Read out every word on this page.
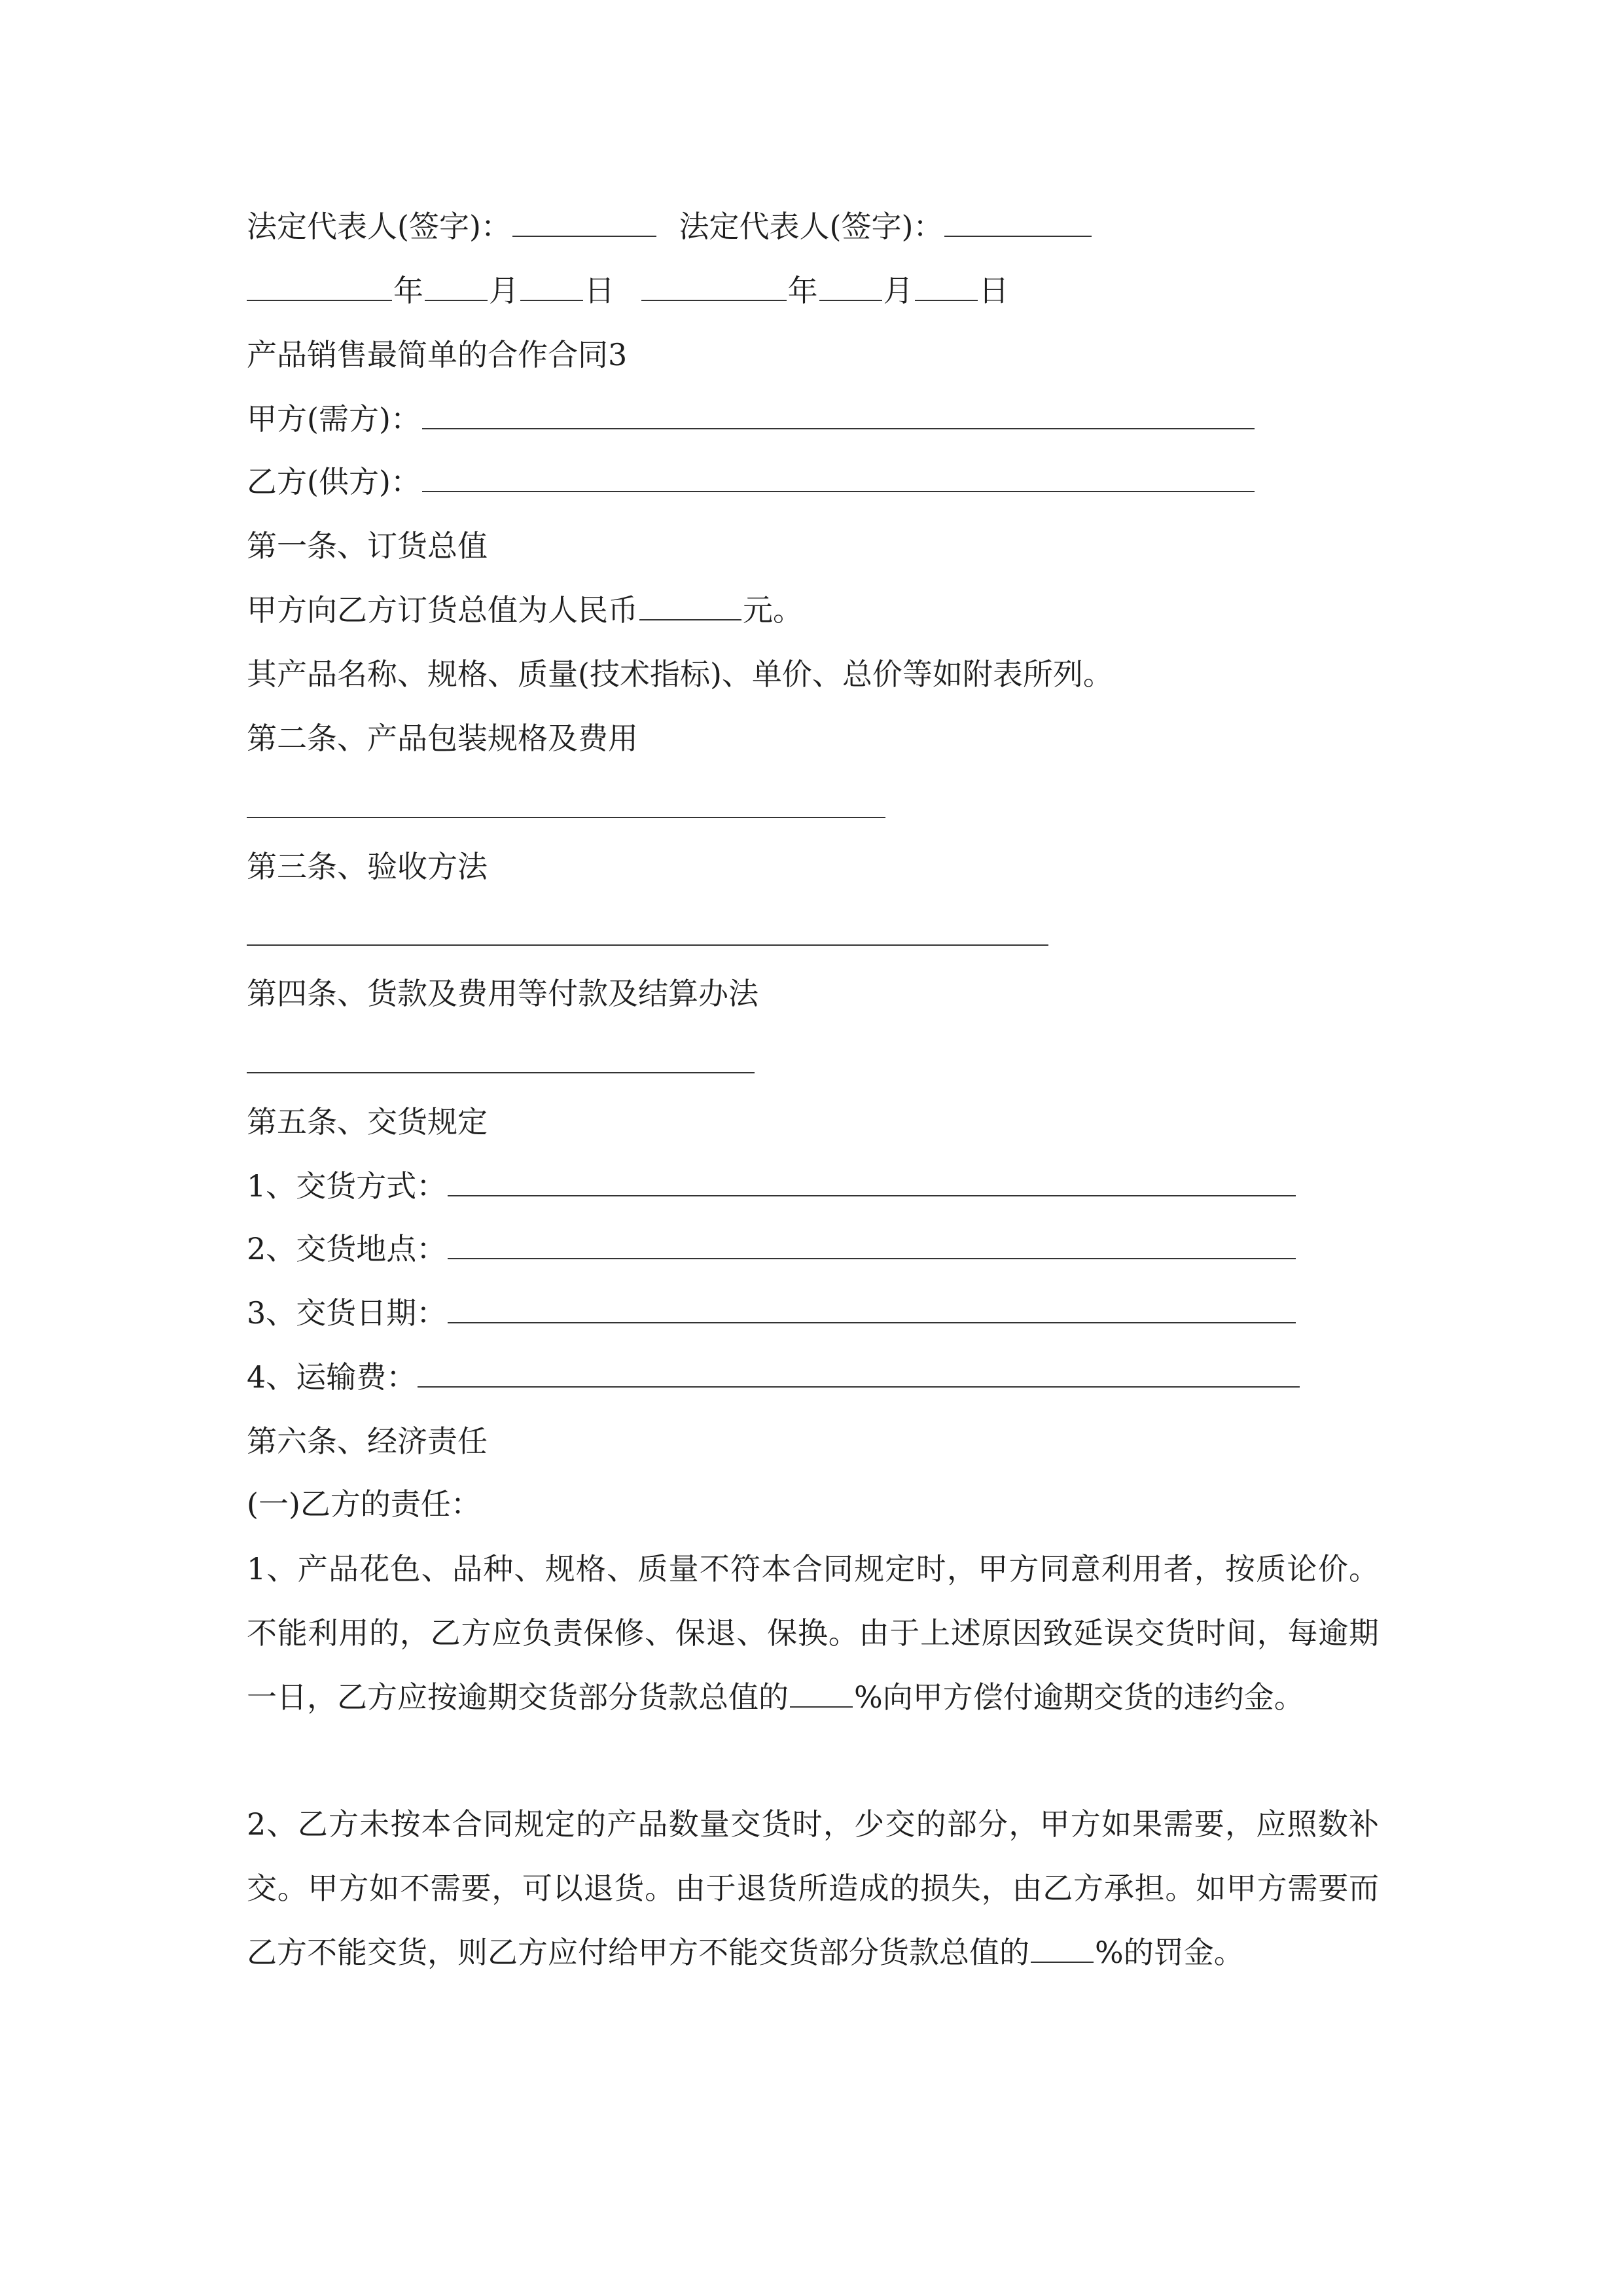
法定代表人(签字)：	法定代表人(签字)：
年 月 日	年 月 日
产品销售最简单的合作合同3
甲方(需方)：
乙方(供方)：
第一条、订货总值
甲方向乙方订货总值为人民币	元。
其产品名称、规格、质量(技术指标)、单价、总价等如附表所列。
第二条、产品包装规格及费用
第三条、验收方法
第四条、货款及费用等付款及结算办法
第五条、交货规定
1、交货方式：
2、交货地点：
3、交货日期：
4、运输费：
第六条、经济责任
(一)乙方的责任：
1、产品花色、品种、规格、质量不符本合同规定时，甲方同意利用者，按质论价。不能利用的，乙方应负责保修、保退、保换。由于上述原因致延误交货时间，每逾期一日，乙方应按逾期交货部分货款总值的 %向甲方偿付逾期交货的违约金。
2、乙方未按本合同规定的产品数量交货时，少交的部分，甲方如果需要，应照数补交。甲方如不需要，可以退货。由于退货所造成的损失，由乙方承担。如甲方需要而乙方不能交货，则乙方应付给甲方不能交货部分货款总值的 %的罚金。
